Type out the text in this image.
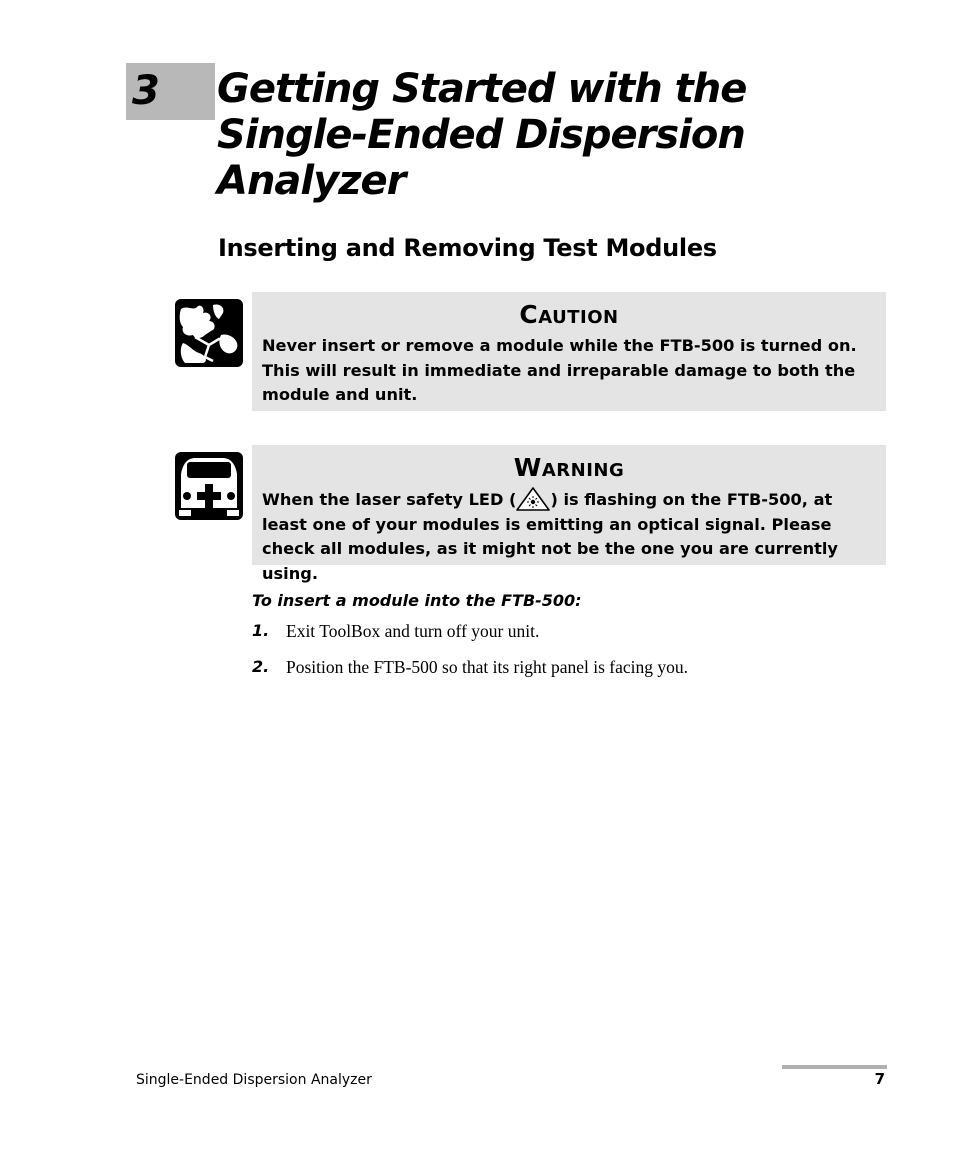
3 Getting Started with the
Single-Ended Dispersion
Analyzer
Inserting and Removing Test Modules
Caution
Never insert or remove a module while the FTB-500 is turned on. This will result in immediate and irreparable damage to both the module and unit.
Warning
When the laser safety LED ( ) is flashing on the FTB-500, at least one of your modules is emitting an optical signal. Please check all modules, as it might not be the one you are currently using.
To insert a module into the FTB-500:
1. Exit ToolBox and turn off your unit.
2. Position the FTB-500 so that its right panel is facing you.
Single-Ended Dispersion Analyzer	7
